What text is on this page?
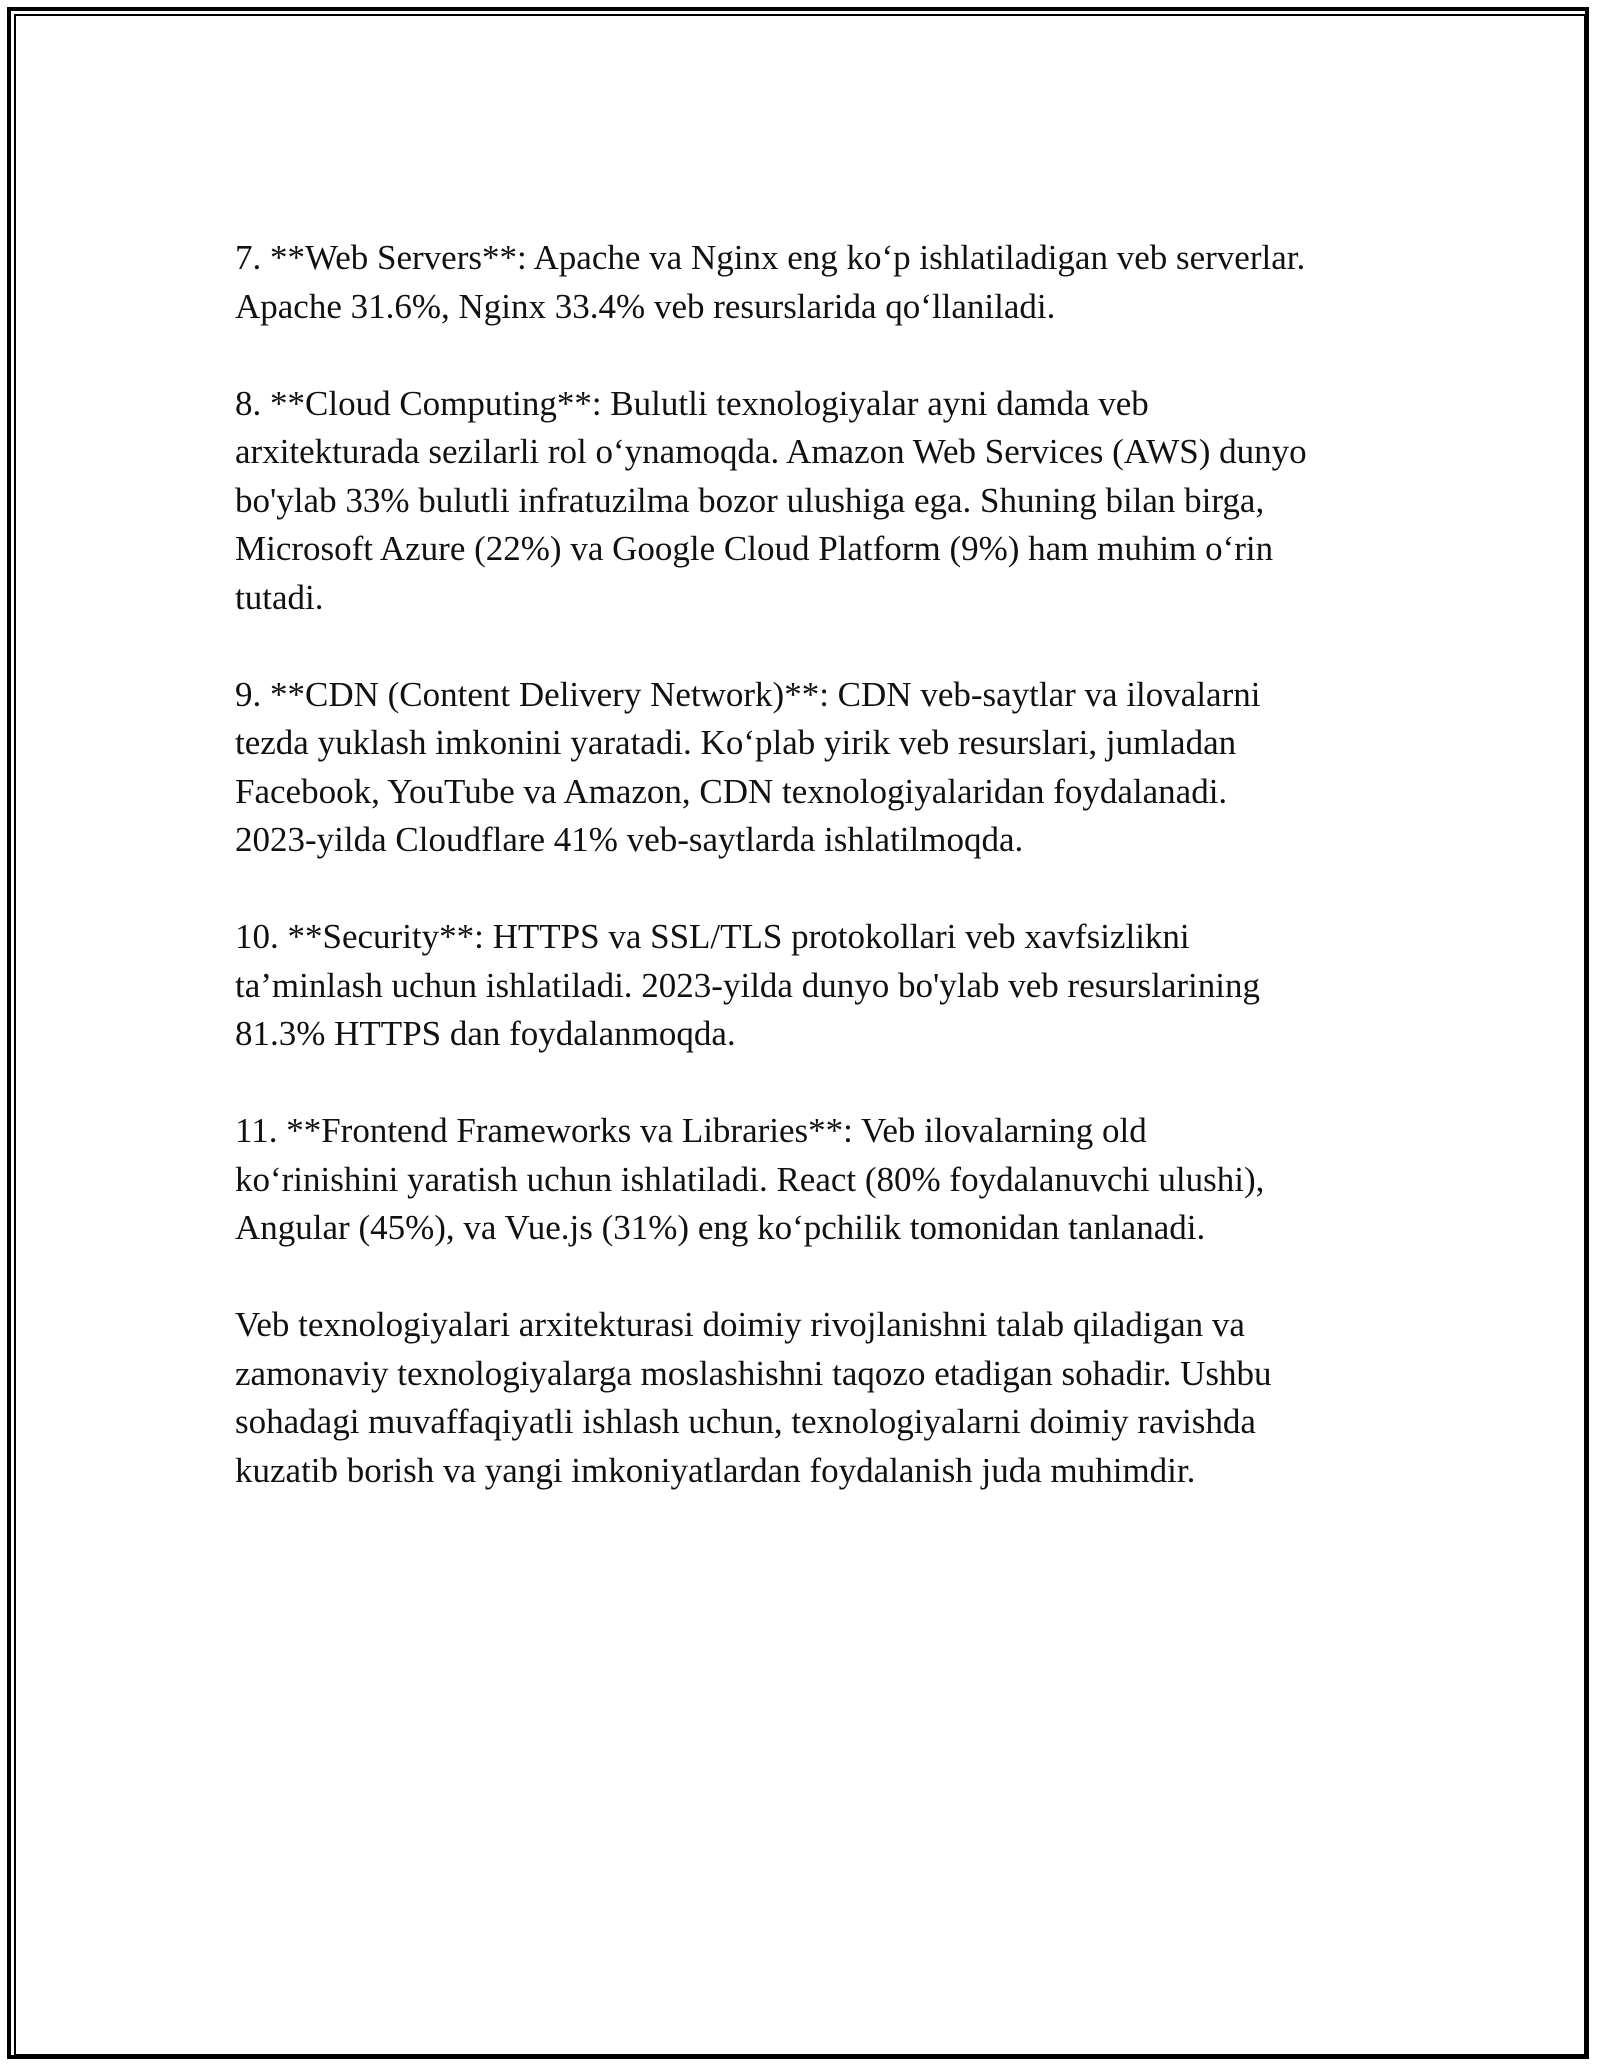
7. **Web Servers**: Apache va Nginx eng ko‘p ishlatiladigan veb serverlar.
Apache 31.6%, Nginx 33.4% veb resurslarida qo‘llaniladi.

8. **Cloud Computing**: Bulutli texnologiyalar ayni damda veb
arxitekturada sezilarli rol o‘ynamoqda. Amazon Web Services (AWS) dunyo
bo'ylab 33% bulutli infratuzilma bozor ulushiga ega. Shuning bilan birga,
Microsoft Azure (22%) va Google Cloud Platform (9%) ham muhim o‘rin
tutadi.

9. **CDN (Content Delivery Network)**: CDN veb-saytlar va ilovalarni
tezda yuklash imkonini yaratadi. Ko‘plab yirik veb resurslari, jumladan
Facebook, YouTube va Amazon, CDN texnologiyalaridan foydalanadi.
2023-yilda Cloudflare 41% veb-saytlarda ishlatilmoqda.

10. **Security**: HTTPS va SSL/TLS protokollari veb xavfsizlikni
ta’minlash uchun ishlatiladi. 2023-yilda dunyo bo'ylab veb resurslarining
81.3% HTTPS dan foydalanmoqda.

11. **Frontend Frameworks va Libraries**: Veb ilovalarning old
ko‘rinishini yaratish uchun ishlatiladi. React (80% foydalanuvchi ulushi),
Angular (45%), va Vue.js (31%) eng ko‘pchilik tomonidan tanlanadi.

Veb texnologiyalari arxitekturasi doimiy rivojlanishni talab qiladigan va
zamonaviy texnologiyalarga moslashishni taqozo etadigan sohadir. Ushbu
sohadagi muvaffaqiyatli ishlash uchun, texnologiyalarni doimiy ravishda
kuzatib borish va yangi imkoniyatlardan foydalanish juda muhimdir.
